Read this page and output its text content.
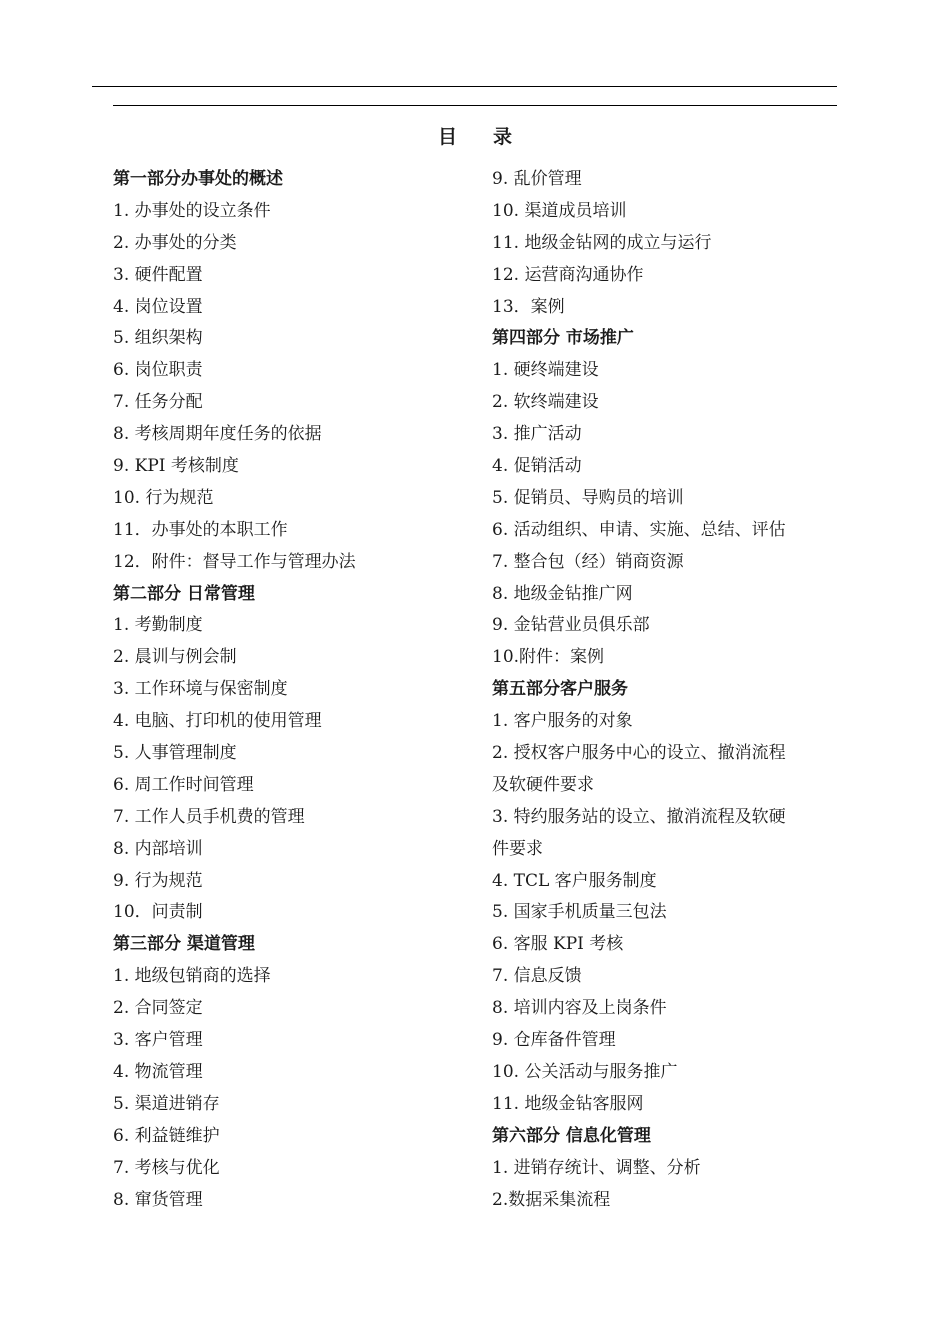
目 录
第一部分办事处的概述
1. 办事处的设立条件
2. 办事处的分类
3. 硬件配置
4. 岗位设置
5. 组织架构
6. 岗位职责
7. 任务分配
8. 考核周期年度任务的依据
9. KPI 考核制度
10. 行为规范
11．办事处的本职工作
12．附件：督导工作与管理办法
第二部分 日常管理
1. 考勤制度
2. 晨训与例会制
3. 工作环境与保密制度
4. 电脑、打印机的使用管理
5. 人事管理制度
6. 周工作时间管理
7. 工作人员手机费的管理
8. 内部培训
9. 行为规范
10．问责制
第三部分 渠道管理
1. 地级包销商的选择
2. 合同签定
3. 客户管理
4. 物流管理
5. 渠道进销存
6. 利益链维护
7. 考核与优化
8. 窜货管理
9. 乱价管理
10. 渠道成员培训
11. 地级金钻网的成立与运行
12. 运营商沟通协作
13．案例
第四部分 市场推广
1. 硬终端建设
2. 软终端建设
3. 推广活动
4. 促销活动
5. 促销员、导购员的培训
6. 活动组织、申请、实施、总结、评估
7. 整合包（经）销商资源
8. 地级金钻推广网
9. 金钻营业员俱乐部
10.附件：案例
第五部分客户服务
1. 客户服务的对象
2. 授权客户服务中心的设立、撤消流程
及软硬件要求
3. 特约服务站的设立、撤消流程及软硬
件要求
4. TCL 客户服务制度
5. 国家手机质量三包法
6. 客服 KPI 考核
7. 信息反馈
8. 培训内容及上岗条件
9. 仓库备件管理
10. 公关活动与服务推广
11. 地级金钻客服网
第六部分 信息化管理
1. 进销存统计、调整、分析
2.数据采集流程
